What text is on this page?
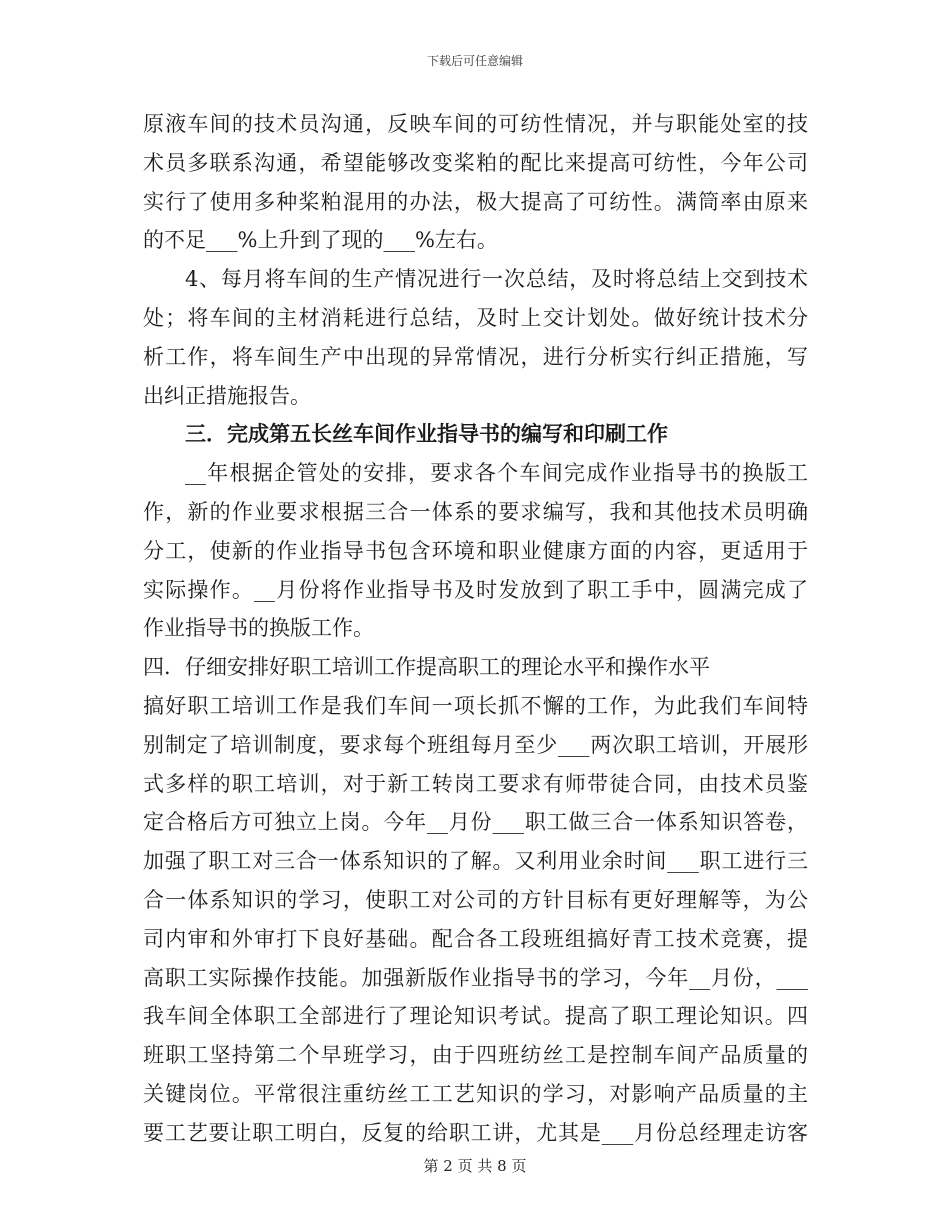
下载后可任意编辑
原液车间的技术员沟通，反映车间的可纺性情况，并与职能处室的技
术员多联系沟通，希望能够改变桨粕的配比来提高可纺性，今年公司
实行了使用多种桨粕混用的办法，极大提高了可纺性。满筒率由原来
的不足___%上升到了现的___%左右。
4、每月将车间的生产情况进行一次总结，及时将总结上交到技术
处；将车间的主材消耗进行总结，及时上交计划处。做好统计技术分
析工作，将车间生产中出现的异常情况，进行分析实行纠正措施，写
出纠正措施报告。
三．完成第五长丝车间作业指导书的编写和印刷工作
__年根据企管处的安排，要求各个车间完成作业指导书的换版工
作，新的作业要求根据三合一体系的要求编写，我和其他技术员明确
分工，使新的作业指导书包含环境和职业健康方面的内容，更适用于
实际操作。__月份将作业指导书及时发放到了职工手中，圆满完成了
作业指导书的换版工作。
四．仔细安排好职工培训工作提高职工的理论水平和操作水平
搞好职工培训工作是我们车间一项长抓不懈的工作，为此我们车间特
别制定了培训制度，要求每个班组每月至少___两次职工培训，开展形
式多样的职工培训，对于新工转岗工要求有师带徒合同，由技术员鉴
定合格后方可独立上岗。今年__月份___职工做三合一体系知识答卷，
加强了职工对三合一体系知识的了解。又利用业余时间___职工进行三
合一体系知识的学习，使职工对公司的方针目标有更好理解等，为公
司内审和外审打下良好基础。配合各工段班组搞好青工技术竞赛，提
高职工实际操作技能。加强新版作业指导书的学习，今年__月份，___
我车间全体职工全部进行了理论知识考试。提高了职工理论知识。四
班职工坚持第二个早班学习，由于四班纺丝工是控制车间产品质量的
关键岗位。平常很注重纺丝工工艺知识的学习，对影响产品质量的主
要工艺要让职工明白，反复的给职工讲，尤其是___月份总经理走访客
第 2 页 共 8 页
